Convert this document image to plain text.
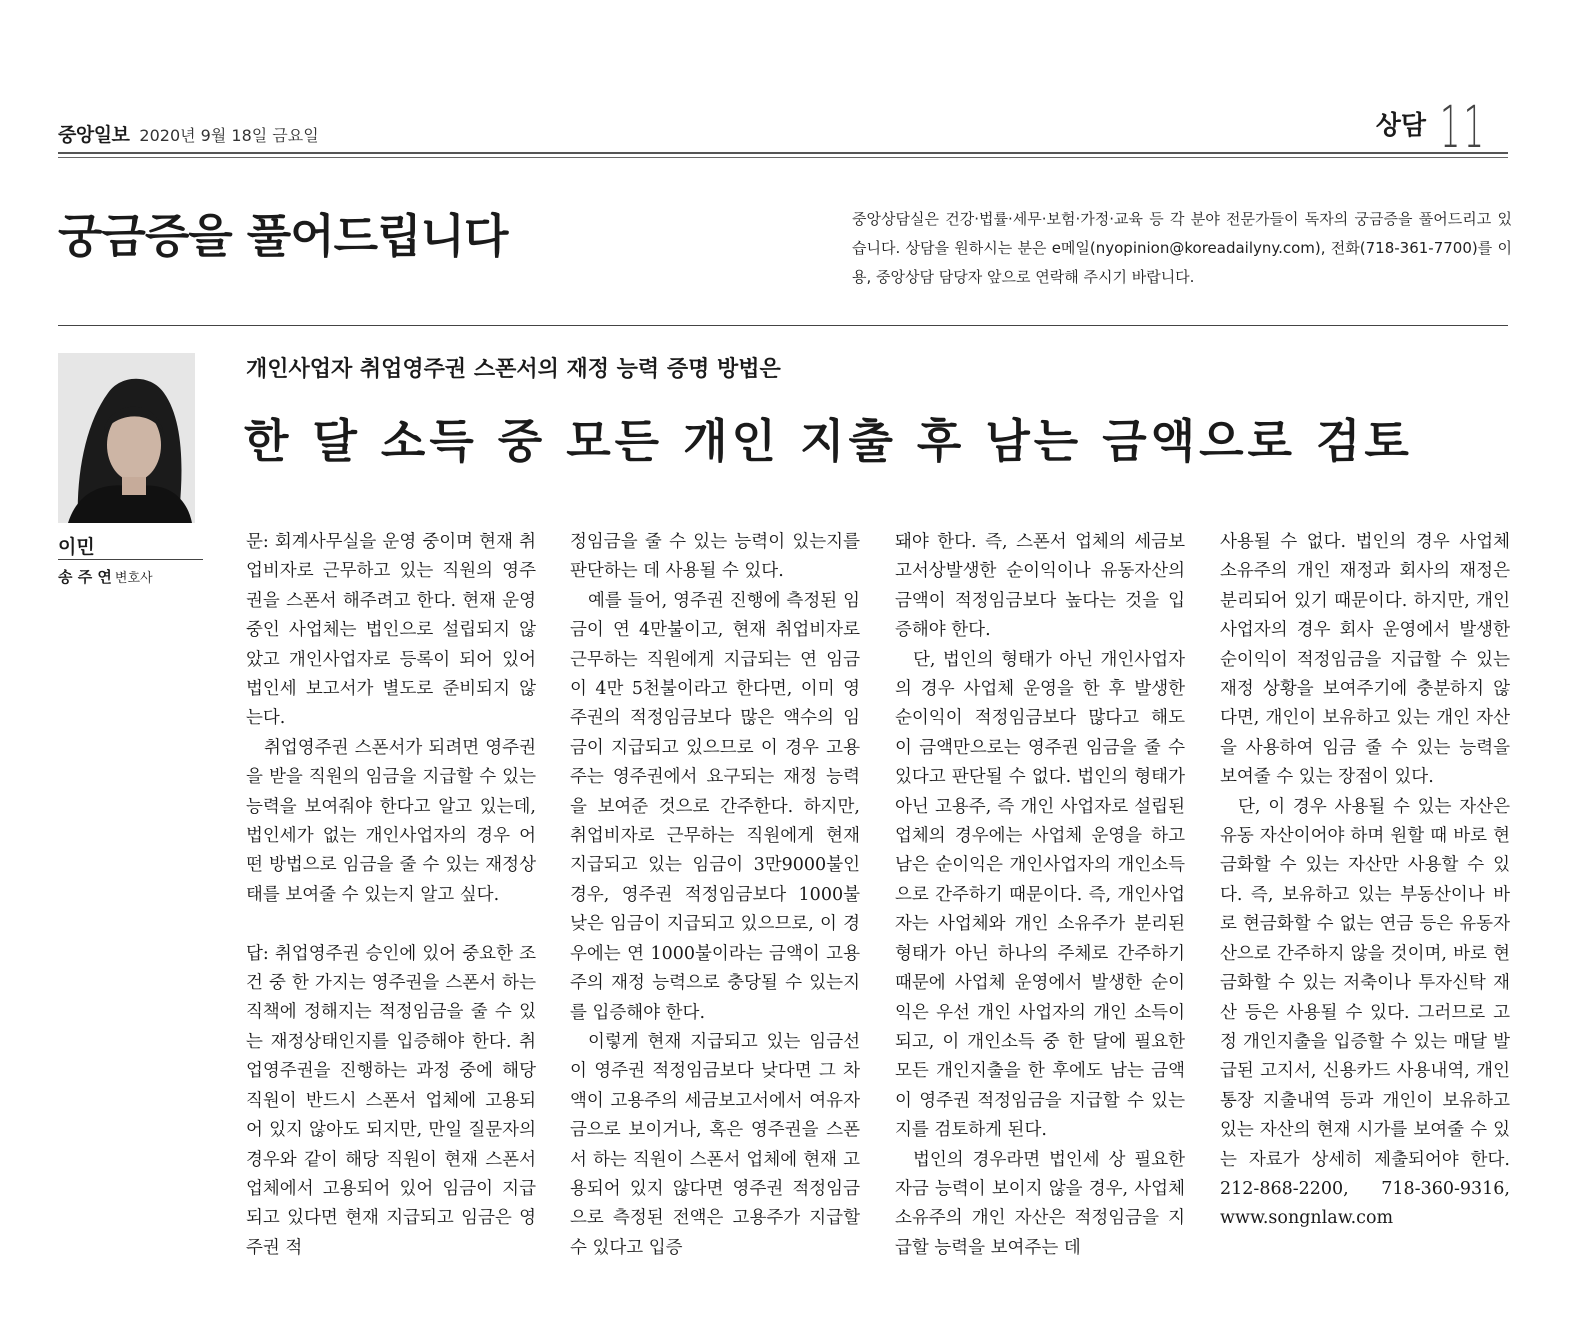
중앙일보 2020년 9월 18일 금요일	상담 11
궁금증을 풀어드립니다	중앙상담실은 건강·법률·세무·보험·가정·교육 등 각 분야 전문가들이 독자의 궁금증을 풀어드리고 있습니다. 상담을 원하시는 분은 e메일(nyopinion@koreadailyny.com), 전화(718-361-7700)를 이용, 중앙상담 담당자 앞으로 연락해 주시기 바랍니다.

이민

송 주 연 변호사

개인사업자 취업영주권 스폰서의 재정 능력 증명 방법은
한 달 소득 중 모든 개인 지출 후 남는 금액으로 검토

문: 회계사무실을 운영 중이며 현재 취업비자로 근무하고 있는 직원의 영주권을 스폰서 해주려고 한다. 현재 운영 중인 사업체는 법인으로 설립되지 않았고 개인사업자로 등록이 되어 있어 법인세 보고서가 별도로 준비되지 않는다.

취업영주권 스폰서가 되려면 영주권을 받을 직원의 임금을 지급할 수 있는 능력을 보여줘야 한다고 알고 있는데, 법인세가 없는 개인사업자의 경우 어떤 방법으로 임금을 줄 수 있는 재정상태를 보여줄 수 있는지 알고 싶다.

답: 취업영주권 승인에 있어 중요한 조건 중 한 가지는 영주권을 스폰서 하는 직책에 정해지는 적정임금을 줄 수 있는 재정상태인지를 입증해야 한다. 취업영주권을 진행하는 과정 중에 해당 직원이 반드시 스폰서 업체에 고용되어 있지 않아도 되지만, 만일 질문자의 경우와 같이 해당 직원이 현재 스폰서 업체에서 고용되어 있어 임금이 지급되고 있다면 현재 지급되고 임금은 영주권 적

정임금을 줄 수 있는 능력이 있는지를 판단하는 데 사용될 수 있다.

예를 들어, 영주권 진행에 측정된 임금이 연 4만불이고, 현재 취업비자로 근무하는 직원에게 지급되는 연 임금이 4만 5천불이라고 한다면, 이미 영주권의 적정임금보다 많은 액수의 임금이 지급되고 있으므로 이 경우 고용주는 영주권에서 요구되는 재정 능력을 보여준 것으로 간주한다. 하지만, 취업비자로 근무하는 직원에게 현재 지급되고 있는 임금이 3만9000불인 경우, 영주권 적정임금보다 1000불 낮은 임금이 지급되고 있으므로, 이 경우에는 연 1000불이라는 금액이 고용주의 재정 능력으로 충당될 수 있는지를 입증해야 한다.

이렇게 현재 지급되고 있는 임금선이 영주권 적정임금보다 낮다면 그 차액이 고용주의 세금보고서에서 여유자금으로 보이거나, 혹은 영주권을 스폰서 하는 직원이 스폰서 업체에 현재 고용되어 있지 않다면 영주권 적정임금으로 측정된 전액은 고용주가 지급할 수 있다고 입증

돼야 한다. 즉, 스폰서 업체의 세금보고서상발생한 순이익이나 유동자산의 금액이 적정임금보다 높다는 것을 입증해야 한다.

단, 법인의 형태가 아닌 개인사업자의 경우 사업체 운영을 한 후 발생한 순이익이 적정임금보다 많다고 해도 이 금액만으로는 영주권 임금을 줄 수 있다고 판단될 수 없다. 법인의 형태가 아닌 고용주, 즉 개인 사업자로 설립된 업체의 경우에는 사업체 운영을 하고 남은 순이익은 개인사업자의 개인소득으로 간주하기 때문이다. 즉, 개인사업자는 사업체와 개인 소유주가 분리된 형태가 아닌 하나의 주체로 간주하기 때문에 사업체 운영에서 발생한 순이익은 우선 개인 사업자의 개인 소득이 되고, 이 개인소득 중 한 달에 필요한 모든 개인지출을 한 후에도 남는 금액이 영주권 적정임금을 지급할 수 있는지를 검토하게 된다.

법인의 경우라면 법인세 상 필요한 자금 능력이 보이지 않을 경우, 사업체 소유주의 개인 자산은 적정임금을 지급할 능력을 보여주는 데

사용될 수 없다. 법인의 경우 사업체 소유주의 개인 재정과 회사의 재정은 분리되어 있기 때문이다. 하지만, 개인사업자의 경우 회사 운영에서 발생한 순이익이 적정임금을 지급할 수 있는 재정 상황을 보여주기에 충분하지 않다면, 개인이 보유하고 있는 개인 자산을 사용하여 임금 줄 수 있는 능력을 보여줄 수 있는 장점이 있다.

단, 이 경우 사용될 수 있는 자산은 유동 자산이어야 하며 원할 때 바로 현금화할 수 있는 자산만 사용할 수 있다. 즉, 보유하고 있는 부동산이나 바로 현금화할 수 없는 연금 등은 유동자산으로 간주하지 않을 것이며, 바로 현금화할 수 있는 저축이나 투자신탁 재산 등은 사용될 수 있다. 그러므로 고정 개인지출을 입증할 수 있는 매달 발급된 고지서, 신용카드 사용내역, 개인 통장 지출내역 등과 개인이 보유하고 있는 자산의 현재 시가를 보여줄 수 있는 자료가 상세히 제출되어야 한다. 212-868-2200, 718-360-9316, www.songnlaw.com
